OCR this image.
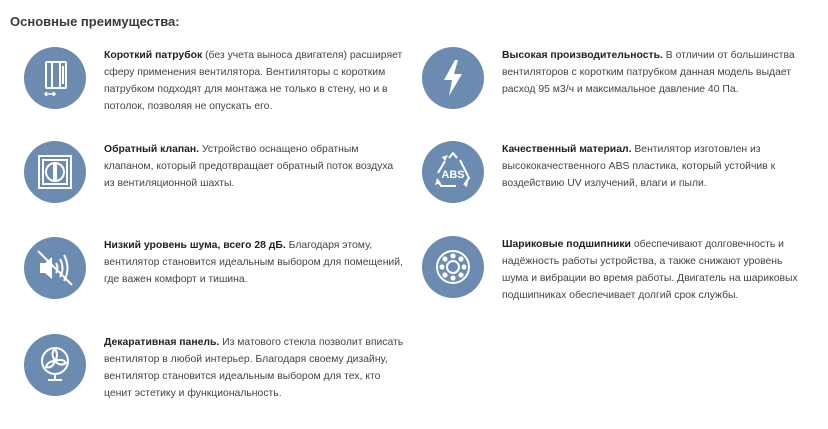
Основные преимущества:
Короткий патрубок (без учета выноса двигателя) расширяет сферу применения вентилятора. Вентиляторы с коротким патрубком подходят для монтажа не только в стену, но и в потолок, позволяя не опускать его.
Обратный клапан. Устройство оснащено обратным клапаном, который предотвращает обратный поток воздуха из вентиляционной шахты.
Низкий уровень шума, всего 28 дБ. Благодаря этому, вентилятор становится идеальным выбором для помещений, где важен комфорт и тишина.
Декаративная панель. Из матового стекла позволит вписать вентилятор в любой интерьер. Благодаря своему дизайну, вентилятор становится идеальным выбором для тех, кто ценит эстетику и функциональность.
Высокая производительность. В отличии от большинства вентиляторов с коротким патрубком данная модель выдает расход 95 м3/ч и максимальное давление 40 Па.
ABS
Качественный материал. Вентилятор изготовлен из высококачественного ABS пластика, который устойчив к воздействию UV излучений, влаги и пыли.
Шариковые подшипники обеспечивают долговечность и надёжность работы устройства, а также снижают уровень шума и вибрации во время работы. Двигатель на шариковых подшипниках обеспечивает долгий срок службы.
